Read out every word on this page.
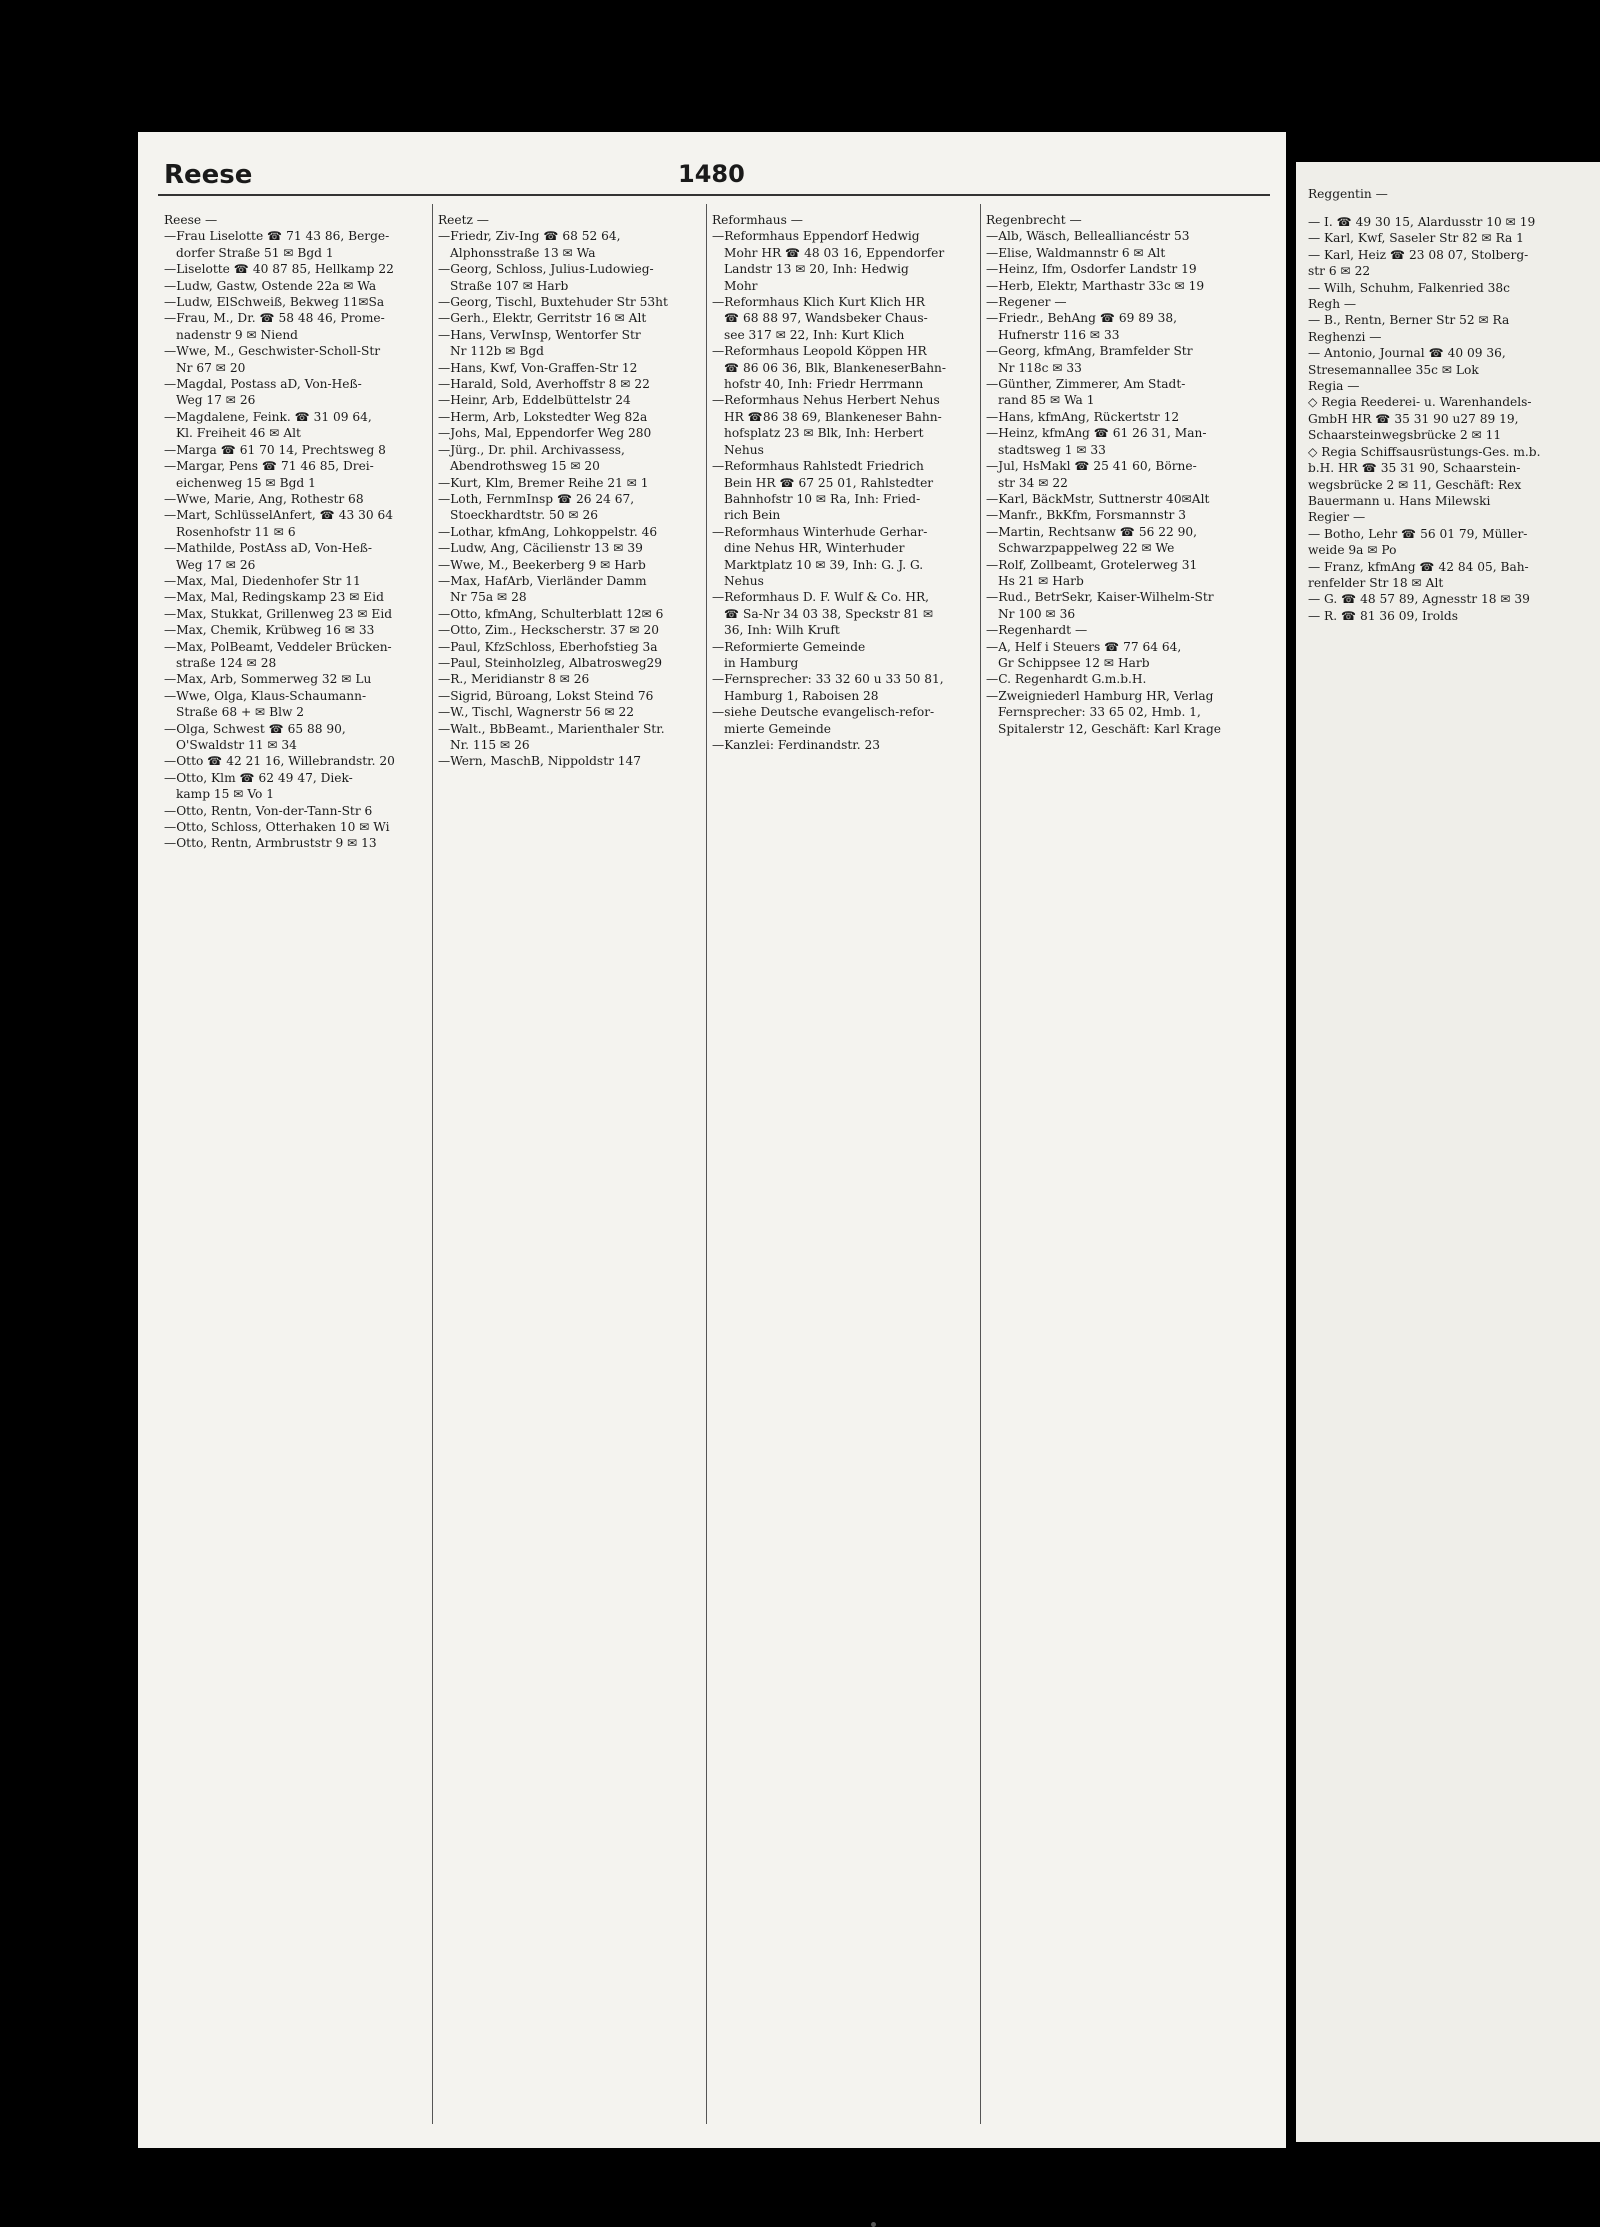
Reese	1480
Reese —
— Frau Liselotte ☎ 71 43 86, Berge-
dorfer Straße 51 ✉ Bgd 1
— Liselotte ☎ 40 87 85, Hellkamp 22
— Ludw, Gastw, Ostende 22a ✉ Wa
— Ludw, ElSchweiß, Bekweg 11✉Sa
— Frau, M., Dr. ☎ 58 48 46, Prome-
nadenstr 9 ✉ Niend
— Wwe, M., Geschwister-Scholl-Str
Nr 67 ✉ 20
— Magdal, Postass aD, Von-Heß-
Weg 17 ✉ 26
— Magdalene, Feink. ☎ 31 09 64,
Kl. Freiheit 46 ✉ Alt
— Marga ☎ 61 70 14, Prechtsweg 8
— Margar, Pens ☎ 71 46 85, Drei-
eichenweg 15 ✉ Bgd 1
— Wwe, Marie, Ang, Rothestr 68
— Mart, SchlüsselAnfert, ☎ 43 30 64
Rosenhofstr 11 ✉ 6
— Mathilde, PostAss aD, Von-Heß-
Weg 17 ✉ 26
— Max, Mal, Diedenhofer Str 11
— Max, Mal, Redingskamp 23 ✉ Eid
— Max, Stukkat, Grillenweg 23 ✉ Eid
— Max, Chemik, Krübweg 16 ✉ 33
— Max, PolBeamt, Veddeler Brücken-
straße 124 ✉ 28
— Max, Arb, Sommerweg 32 ✉ Lu
— Wwe, Olga, Klaus-Schaumann-
Straße 68 + ✉ Blw 2
— Olga, Schwest ☎ 65 88 90,
O'Swaldstr 11 ✉ 34
— Otto ☎ 42 21 16, Willebrandstr. 20
— Otto, Klm ☎ 62 49 47, Diek-
kamp 15 ✉ Vo 1
— Otto, Rentn, Von-der-Tann-Str 6
— Otto, Schloss, Otterhaken 10 ✉ Wi
— Otto, Rentn, Armbruststr 9 ✉ 13
Reetz —
— Friedr, Ziv-Ing ☎ 68 52 64,
Alphonsstraße 13 ✉ Wa
— Georg, Schloss, Julius-Ludowieg-
Straße 107 ✉ Harb
— Georg, Tischl, Buxtehuder Str 53ht
— Gerh., Elektr, Gerritstr 16 ✉ Alt
— Hans, VerwInsp, Wentorfer Str
Nr 112b ✉ Bgd
— Hans, Kwf, Von-Graffen-Str 12
— Harald, Sold, Averhoffstr 8 ✉ 22
— Heinr, Arb, Eddelbüttelstr 24
— Herm, Arb, Lokstedter Weg 82a
— Johs, Mal, Eppendorfer Weg 280
— Jürg., Dr. phil. Archivassess,
Abendrothsweg 15 ✉ 20
— Kurt, Klm, Bremer Reihe 21 ✉ 1
— Loth, FernmInsp ☎ 26 24 67,
Stoeckhardtstr. 50 ✉ 26
— Lothar, kfmAng, Lohkoppelstr. 46
— Ludw, Ang, Cäcilienstr 13 ✉ 39
— Wwe, M., Beekerberg 9 ✉ Harb
— Max, HafArb, Vierländer Damm
Nr 75a ✉ 28
— Otto, kfmAng, Schulterblatt 12✉ 6
— Otto, Zim., Heckscherstr. 37 ✉ 20
— Paul, KfzSchloss, Eberhofstieg 3a
— Paul, Steinholzleg, Albatrosweg29
— R., Meridianstr 8 ✉ 26
— Sigrid, Büroang, Lokst Steind 76
— W., Tischl, Wagnerstr 56 ✉ 22
— Walt., BbBeamt., Marienthaler Str.
Nr. 115 ✉ 26
— Wern, MaschB, Nippoldstr 147
Reformhaus —
— Reformhaus Eppendorf Hedwig
Mohr HR ☎ 48 03 16, Eppendorfer
Landstr 13 ✉ 20, Inh: Hedwig
Mohr
— Reformhaus Klich Kurt Klich HR
☎ 68 88 97, Wandsbeker Chaus-
see 317 ✉ 22, Inh: Kurt Klich
— Reformhaus Leopold Köppen HR
☎ 86 06 36, Blk, BlankeneserBahn-
hofstr 40, Inh: Friedr Herrmann
— Reformhaus Nehus Herbert Nehus
HR ☎86 38 69, Blankeneser Bahn-
hofsplatz 23 ✉ Blk, Inh: Herbert
Nehus
— Reformhaus Rahlstedt Friedrich
Bein HR ☎ 67 25 01, Rahlstedter
Bahnhofstr 10 ✉ Ra, Inh: Fried-
rich Bein
— Reformhaus Winterhude Gerhar-
dine Nehus HR, Winterhuder
Marktplatz 10 ✉ 39, Inh: G. J. G.
Nehus
— Reformhaus D. F. Wulf & Co. HR,
☎ Sa-Nr 34 03 38, Speckstr 81 ✉
36, Inh: Wilh Kruft
— Reformierte Gemeinde
in Hamburg
— Fernsprecher: 33 32 60 u 33 50 81,
Hamburg 1, Raboisen 28
— siehe Deutsche evangelisch-refor-
mierte Gemeinde
— Kanzlei: Ferdinandstr. 23
Regenbrecht —
— Alb, Wäsch, Bellealliancéstr 53
— Elise, Waldmannstr 6 ✉ Alt
— Heinz, Ifm, Osdorfer Landstr 19
— Herb, Elektr, Marthastr 33c ✉ 19
— Regener —
— Friedr., BehAng ☎ 69 89 38,
Hufnerstr 116 ✉ 33
— Georg, kfmAng, Bramfelder Str
Nr 118c ✉ 33
— Günther, Zimmerer, Am Stadt-
rand 85 ✉ Wa 1
— Hans, kfmAng, Rückertstr 12
— Heinz, kfmAng ☎ 61 26 31, Man-
stadtsweg 1 ✉ 33
— Jul, HsMakl ☎ 25 41 60, Börne-
str 34 ✉ 22
— Karl, BäckMstr, Suttnerstr 40✉Alt
— Manfr., BkKfm, Forsmannstr 3
— Martin, Rechtsanw ☎ 56 22 90,
Schwarzpappelweg 22 ✉ We
— Rolf, Zollbeamt, Grotelerweg 31
Hs 21 ✉ Harb
— Rud., BetrSekr, Kaiser-Wilhelm-Str
Nr 100 ✉ 36
— Regenhardt —
— A, Helf i Steuers ☎ 77 64 64,
Gr Schippsee 12 ✉ Harb
— C. Regenhardt G.m.b.H.
— Zweigniederl Hamburg HR, Verlag
Fernsprecher: 33 65 02, Hmb. 1,
Spitalerstr 12, Geschäft: Karl Krage
Reggentin —
— I. ☎ 49 30 15, Alardusstr 10 ✉ 19
— Karl, Kwf, Saseler Str 82 ✉ Ra 1
— Karl, Heiz ☎ 23 08 07, Stolberg-
str 6 ✉ 22
— Wilh, Schuhm, Falkenried 38c
Regh —
— B., Rentn, Berner Str 52 ✉ Ra
Reghenzi —
— Antonio, Journal ☎ 40 09 36,
Stresemannallee 35c ✉ Lok
Regia —
◇ Regia Reederei- u. Warenhandels-
GmbH HR ☎ 35 31 90 u27 89 19,
Schaarsteinwegsbrücke 2 ✉ 11
◇ Regia Schiffsausrüstungs-Ges. m.b.
b.H. HR ☎ 35 31 90, Schaarstein-
wegsbrücke 2 ✉ 11, Geschäft: Rex
Bauermann u. Hans Milewski
Regier —
— Botho, Lehr ☎ 56 01 79, Müller-
weide 9a ✉ Po
— Franz, kfmAng ☎ 42 84 05, Bah-
renfelder Str 18 ✉ Alt
— G. ☎ 48 57 89, Agnesstr 18 ✉ 39
— R. ☎ 81 36 09, Irolds
